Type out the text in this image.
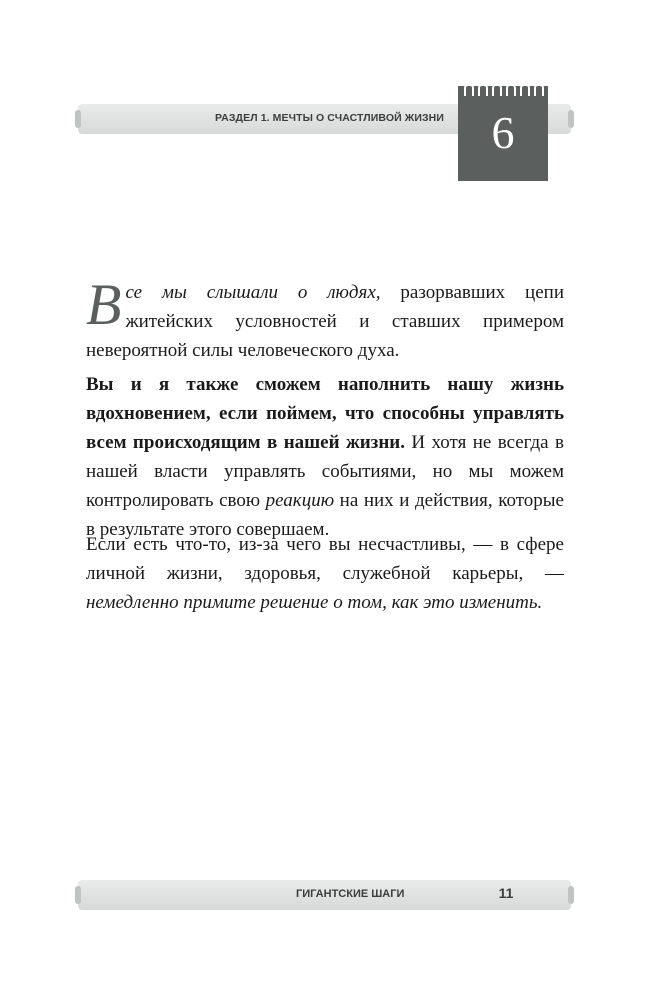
РАЗДЕЛ 1. МЕЧТЫ О СЧАСТЛИВОЙ ЖИЗНИ	6

Все мы слышали о людях, разорвавших цепи житейских условностей и ставших примером невероятной силы человеческого духа.

Вы и я также сможем наполнить нашу жизнь вдохновением, если поймем, что способны управлять всем происходящим в нашей жизни. И хотя не всегда в нашей власти управлять событиями, но мы можем контролировать свою реакцию на них и действия, которые в результате этого совершаем.

Если есть что-то, из-за чего вы несчастливы, — в сфере личной жизни, здоровья, служебной карьеры, — немедленно примите решение о том, как это изменить.

ГИГАНТСКИЕ ШАГИ	11
